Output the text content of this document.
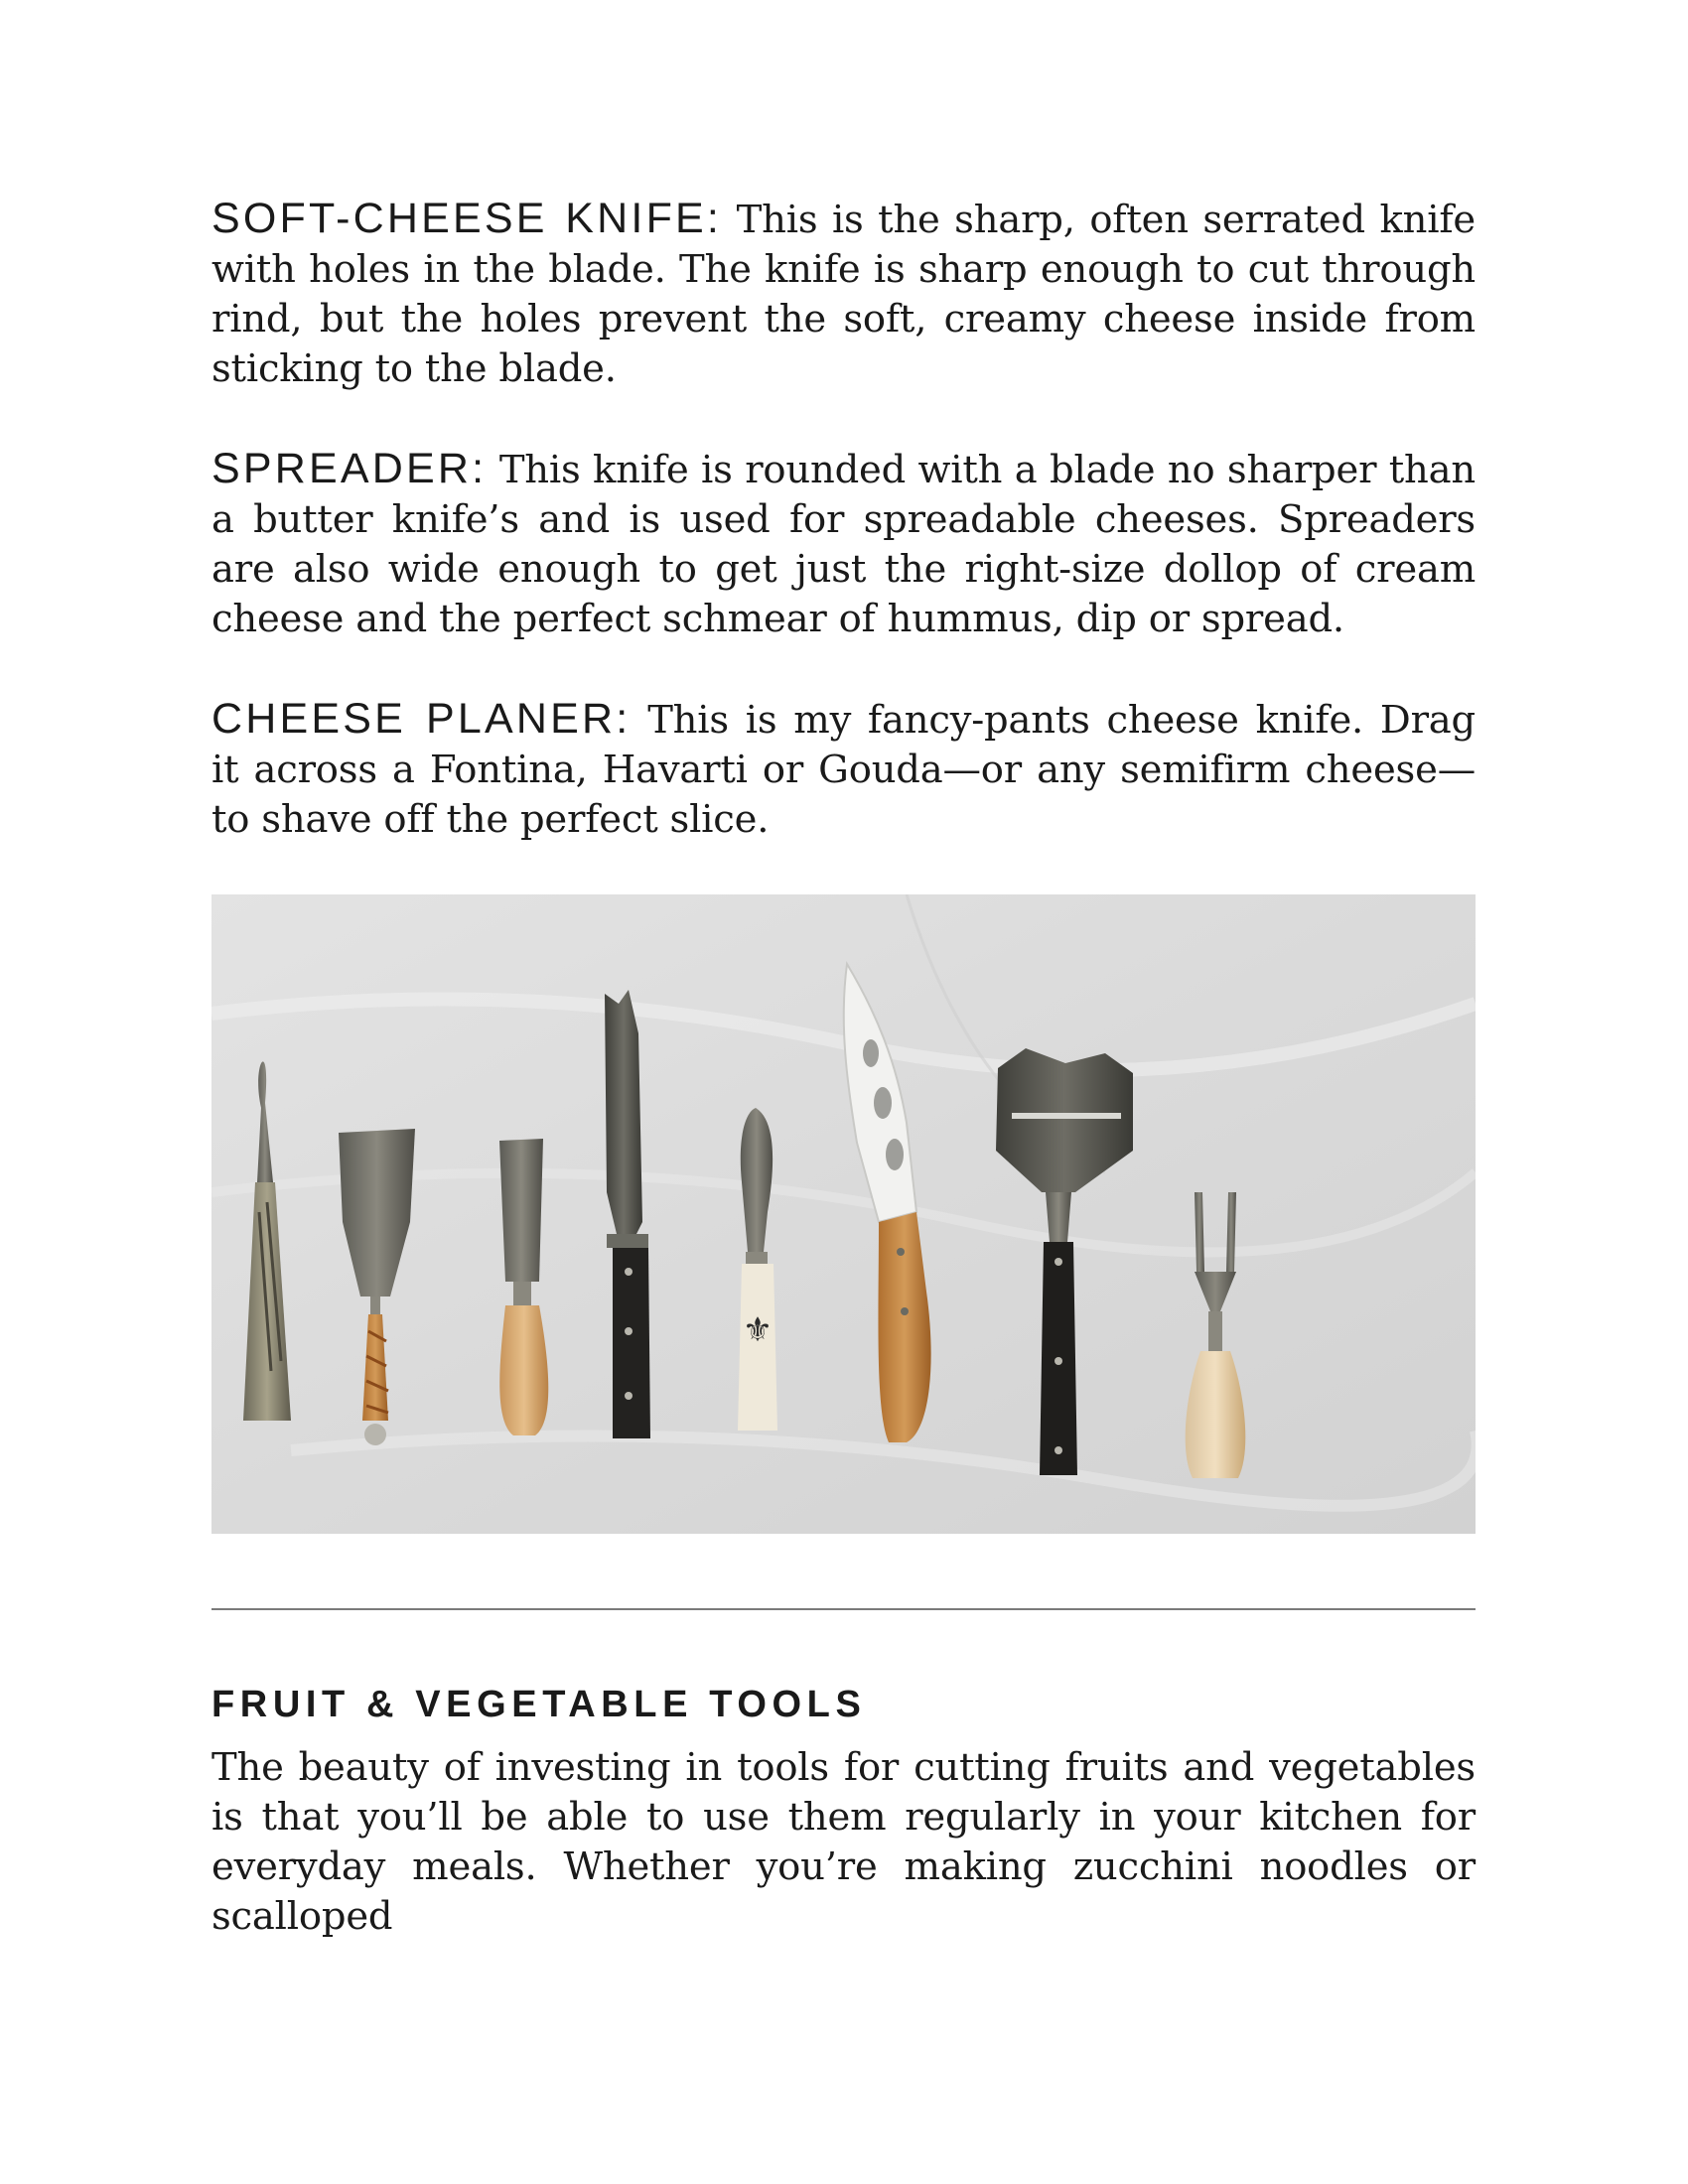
SOFT-CHEESE KNIFE: This is the sharp, often serrated knife with holes in the blade. The knife is sharp enough to cut through rind, but the holes prevent the soft, creamy cheese inside from sticking to the blade.

SPREADER: This knife is rounded with a blade no sharper than a butter knife’s and is used for spreadable cheeses. Spreaders are also wide enough to get just the right-size dollop of cream cheese and the perfect schmear of hummus, dip or spread.

CHEESE PLANER: This is my fancy-pants cheese knife. Drag it across a Fontina, Havarti or Gouda—or any semifirm cheese—to shave off the perfect slice.

⚜
FRUIT & VEGETABLE TOOLS

The beauty of investing in tools for cutting fruits and vegetables is that you’ll be able to use them regularly in your kitchen for everyday meals. Whether you’re making zucchini noodles or scalloped
